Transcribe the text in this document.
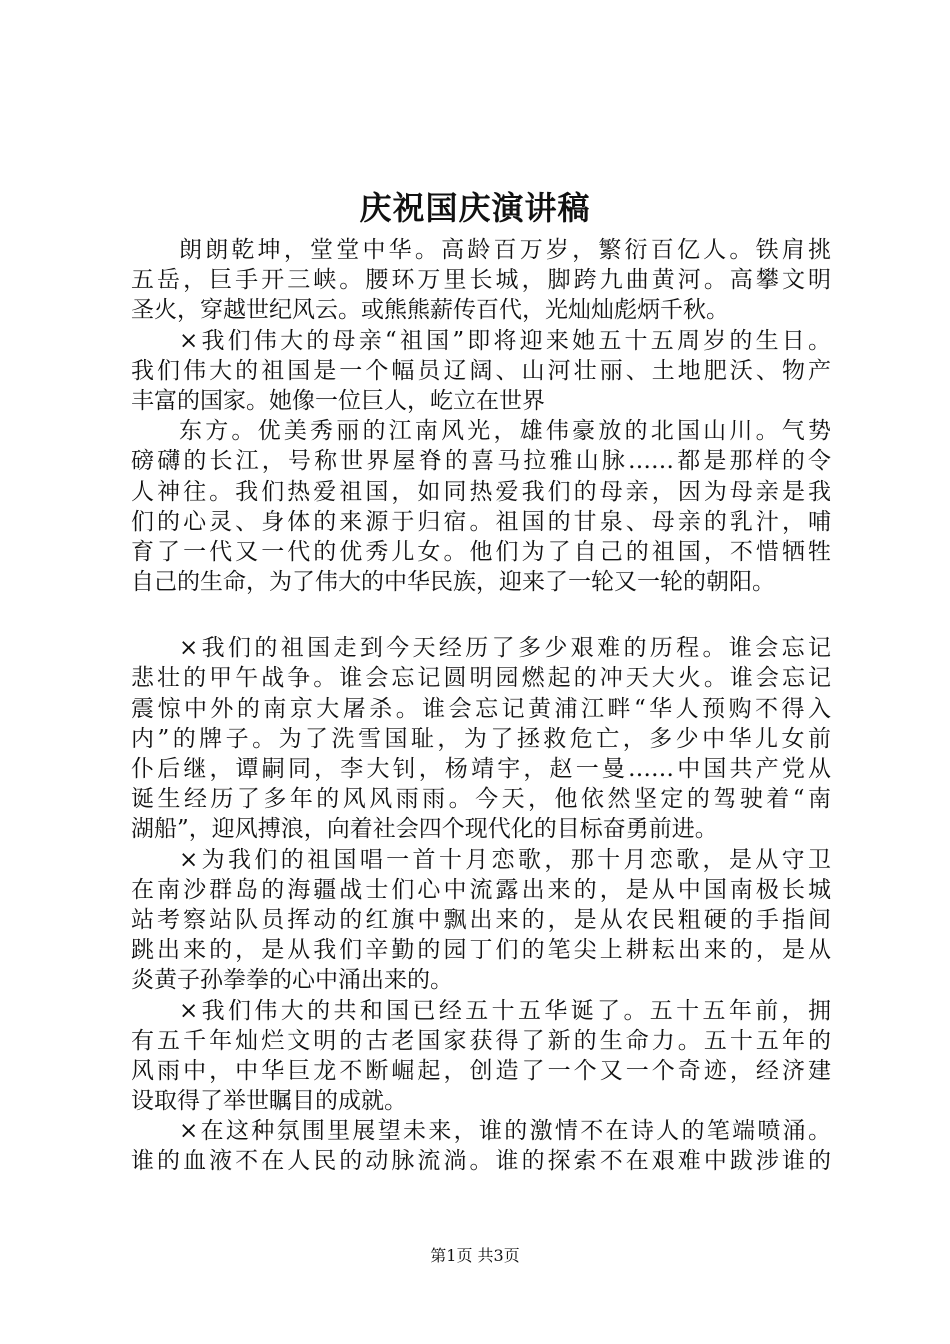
庆祝国庆演讲稿
朗朗乾坤，堂堂中华。高龄百万岁，繁衍百亿人。铁肩挑
五岳，巨手开三峡。腰环万里长城，脚跨九曲黄河。高攀文明
圣火，穿越世纪风云。或熊熊薪传百代，光灿灿彪炳千秋。
×我们伟大的母亲“祖国”即将迎来她五十五周岁的生日。
我们伟大的祖国是一个幅员辽阔、山河壮丽、土地肥沃、物产
丰富的国家。她像一位巨人，屹立在世界
东方。优美秀丽的江南风光，雄伟豪放的北国山川。气势
磅礴的长江，号称世界屋脊的喜马拉雅山脉……都是那样的令
人神往。我们热爱祖国，如同热爱我们的母亲，因为母亲是我
们的心灵、身体的来源于归宿。祖国的甘泉、母亲的乳汁，哺
育了一代又一代的优秀儿女。他们为了自己的祖国，不惜牺牲
自己的生命，为了伟大的中华民族，迎来了一轮又一轮的朝阳。
×我们的祖国走到今天经历了多少艰难的历程。谁会忘记
悲壮的甲午战争。谁会忘记圆明园燃起的冲天大火。谁会忘记
震惊中外的南京大屠杀。谁会忘记黄浦江畔“华人预购不得入
内”的牌子。为了洗雪国耻，为了拯救危亡，多少中华儿女前
仆后继，谭嗣同，李大钊，杨靖宇，赵一曼……中国共产党从
诞生经历了多年的风风雨雨。今天，他依然坚定的驾驶着“南
湖船”，迎风搏浪，向着社会四个现代化的目标奋勇前进。
×为我们的祖国唱一首十月恋歌，那十月恋歌，是从守卫
在南沙群岛的海疆战士们心中流露出来的，是从中国南极长城
站考察站队员挥动的红旗中飘出来的，是从农民粗硬的手指间
跳出来的，是从我们辛勤的园丁们的笔尖上耕耘出来的，是从
炎黄子孙拳拳的心中涌出来的。
×我们伟大的共和国已经五十五华诞了。五十五年前，拥
有五千年灿烂文明的古老国家获得了新的生命力。五十五年的
风雨中，中华巨龙不断崛起，创造了一个又一个奇迹，经济建
设取得了举世瞩目的成就。
×在这种氛围里展望未来，谁的激情不在诗人的笔端喷涌。
谁的血液不在人民的动脉流淌。谁的探索不在艰难中跋涉谁的
第1页 共3页
